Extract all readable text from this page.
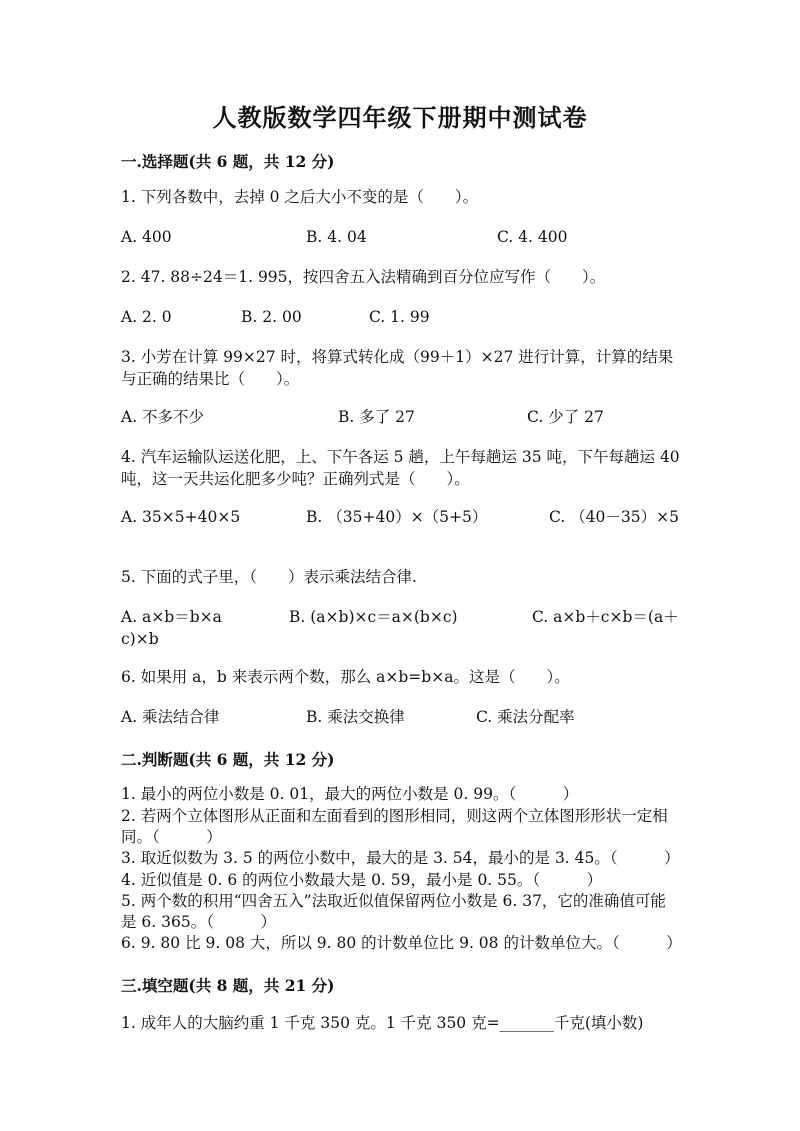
人教版数学四年级下册期中测试卷
一.选择题(共 6 题，共 12 分)

1. 下列各数中，去掉 0 之后大小不变的是（　　）。

A. 400	B. 4. 04	C. 4. 400

2. 47. 88÷24＝1. 995，按四舍五入法精确到百分位应写作（　　）。

A. 2. 0	B. 2. 00	C. 1. 99

3. 小芳在计算 99×27 时，将算式转化成（99＋1）×27 进行计算，计算的结果与正确的结果比（　　）。

A. 不多不少	B. 多了 27	C. 少了 27

4. 汽车运输队运送化肥，上、下午各运 5 趟，上午每趟运 35 吨，下午每趟运 40 吨，这一天共运化肥多少吨？正确列式是（　　）。

A. 35×5+40×5	B. （35+40）×（5+5）	C. （40－35）×5

5. 下面的式子里，（　　）表示乘法结合律.

A. a×b＝b×a	B. (a×b)×c＝a×(b×c)	C. a×b＋c×b＝(a＋c)×b

6. 如果用 a，b 来表示两个数，那么 a×b=b×a。这是（　　）。

A. 乘法结合律	B. 乘法交换律	C. 乘法分配率
二.判断题(共 6 题，共 12 分)

1. 最小的两位小数是 0. 01，最大的两位小数是 0. 99。（　　　）

2. 若两个立体图形从正面和左面看到的图形相同，则这两个立体图形形状一定相同。（　　　）

3. 取近似数为 3. 5 的两位小数中，最大的是 3. 54，最小的是 3. 45。（　　　）

4. 近似值是 0. 6 的两位小数最大是 0. 59，最小是 0. 55。（　　　）

5. 两个数的积用“四舍五入”法取近似值保留两位小数是 6. 37，它的准确值可能是 6. 365。（　　　）

6. 9. 80 比 9. 08 大，所以 9. 80 的计数单位比 9. 08 的计数单位大。（　　　）

三.填空题(共 8 题，共 21 分)

1. 成年人的大脑约重 1 千克 350 克。1 千克 350 克=_______千克(填小数)
